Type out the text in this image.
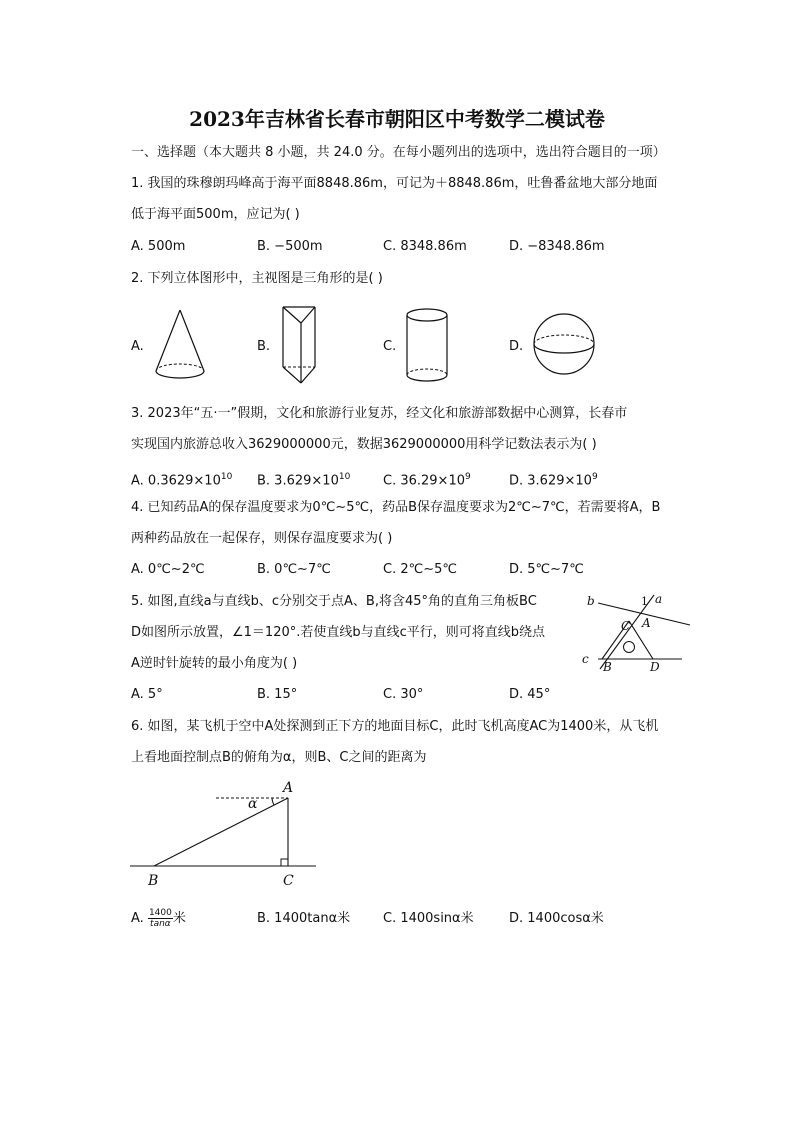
2023年吉林省长春市朝阳区中考数学二模试卷
一、选择题（本大题共 8 小题，共 24.0 分。在每小题列出的选项中，选出符合题目的一项）
1. 我国的珠穆朗玛峰高于海平面8848.86m，可记为＋8848.86m，吐鲁番盆地大部分地面
低于海平面500m，应记为( )
A. 500m	B. −500m	C. 8348.86m	D. −8348.86m
2. 下列立体图形中，主视图是三角形的是( )
A.	B.	C.	D.
3. 2023年“五·一”假期，文化和旅游行业复苏，经文化和旅游部数据中心测算，长春市
实现国内旅游总收入3629000000元，数据3629000000用科学记数法表示为( )
A. $0.3629\times 10^{10}$ B. $3.629\times 10^{10}$	C. $36.29\times 10^9$	D. $3.629\times 10^9$
4. 已知药品A的保存温度要求为0℃∼5℃，药品B保存温度要求为2℃∼7℃，若需要将A，B
两种药品放在一起保存，则保存温度要求为( )
A. 0℃∼2℃	B. 0℃∼7℃	C. 2℃∼5℃	D. 5℃∼7℃
5. 如图,直线a与直线b、c分别交于点A、B,将含45°角的直角三角板BC
D如图所示放置，∠1＝120°.若使直线b与直线c平行，则可将直线b绕点
A逆时针旋转的最小角度为( )
A. 5°	B. 15°	C. 30°	D. 45°
b	1 a
C A
c
B	D
6. 如图，某飞机于空中A处探测到正下方的地面目标C，此时飞机高度AC为1400米，从飞机
上看地面控制点B的俯角为α，则B、C之间的距离为
A
α
B	C
A. $\frac{1400}{\tan\alpha}$ 米	B. 1400tanα米	C. 1400sinα米	D. 1400cosα米
